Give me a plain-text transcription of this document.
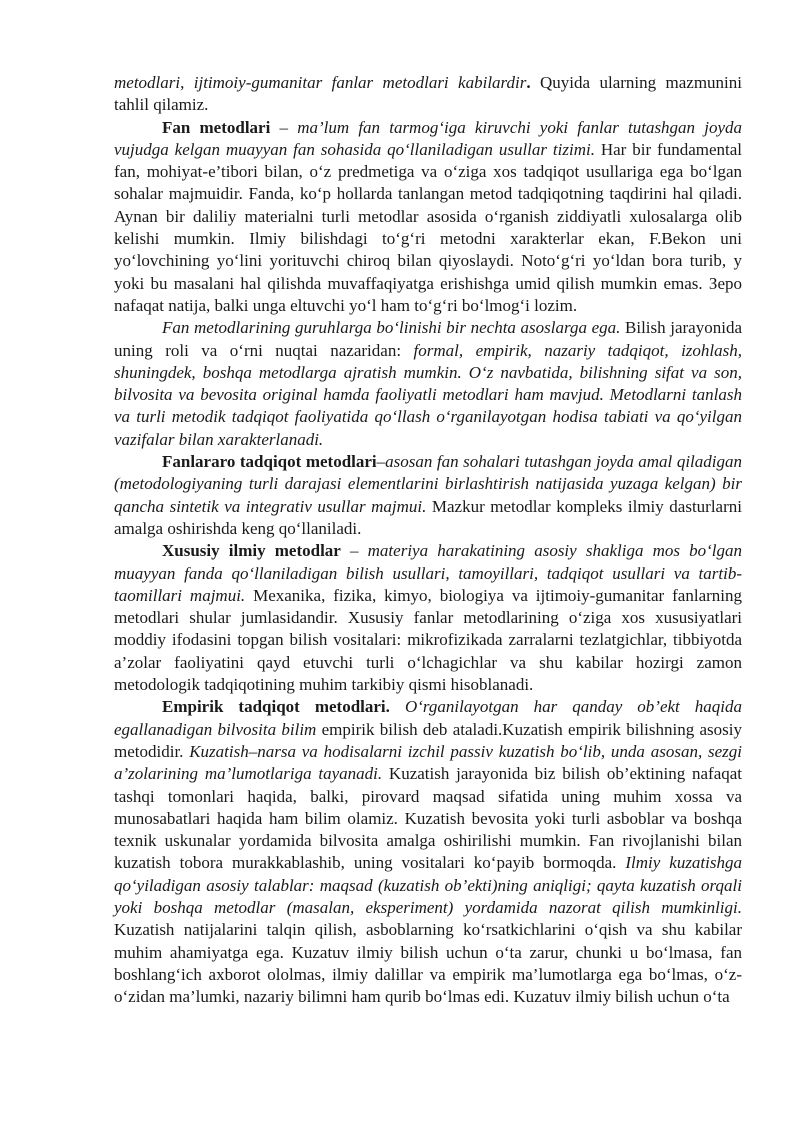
metodlari, ijtimoiy-gumanitar fanlar metodlari kabilardir. Quyida ularning mazmunini tahlil qilamiz.

Fan metodlari – ma’lum fan tarmog‘iga kiruvchi yoki fanlar tutashgan joyda vujudga kelgan muayyan fan sohasida qo‘llaniladigan usullar tizimi. Har bir fundamental fan, mohiyat-e’tibori bilan, o‘z predmetiga va o‘ziga xos tadqiqot usullariga ega bo‘lgan sohalar majmuidir. Fanda, ko‘p hollarda tanlangan metod tadqiqotning taqdirini hal qiladi. Aynan bir daliliy materialni turli metodlar asosida o‘rganish ziddiyatli xulosalarga olib kelishi mumkin. Ilmiy bilishdagi to‘g‘ri metodni xarakterlar ekan, F.Bekon uni yo‘lovchining yo‘lini yorituvchi chiroq bilan qiyoslaydi. Noto‘g‘ri yo‘ldan bora turib, y yoki bu masalani hal qilishda muvaffaqiyatga erishishga umid qilish mumkin emas. Зepo nafaqat natija, balki unga eltuvchi yo‘l ham to‘g‘ri bo‘lmog‘i lozim.

Fan metodlarining guruhlarga bo‘linishi bir nechta asoslarga ega. Bilish jarayonida uning roli va o‘rni nuqtai nazaridan: formal, empirik, nazariy tadqiqot, izohlash, shuningdek, boshqa metodlarga ajratish mumkin. O‘z navbatida, bilishning sifat va son, bilvosita va bevosita original hamda faoliyatli metodlari ham mavjud. Metodlarni tanlash va turli metodik tadqiqot faoliyatida qo‘llash o‘rganilayotgan hodisa tabiati va qo‘yilgan vazifalar bilan xarakterlanadi.

Fanlararo tadqiqot metodlari–asosan fan sohalari tutashgan joyda amal qiladigan (metodologiyaning turli darajasi elementlarini birlashtirish natijasida yuzaga kelgan) bir qancha sintetik va integrativ usullar majmui. Mazkur metodlar kompleks ilmiy dasturlarni amalga oshirishda keng qo‘llaniladi.

Xususiy ilmiy metodlar – materiya harakatining asosiy shakliga mos bo‘lgan muayyan fanda qo‘llaniladigan bilish usullari, tamoyillari, tadqiqot usullari va tartib-taomillari majmui. Mexanika, fizika, kimyo, biologiya va ijtimoiy-gumanitar fanlarning metodlari shular jumlasidandir. Xususiy fanlar metodlarining o‘ziga xos xususiyatlari moddiy ifodasini topgan bilish vositalari: mikrofizikada zarralarni tezlatgichlar, tibbiyotda a’zolar faoliyatini qayd etuvchi turli o‘lchagichlar va shu kabilar hozirgi zamon metodologik tadqiqotining muhim tarkibiy qismi hisoblanadi.

Empirik tadqiqot metodlari. O‘rganilayotgan har qanday ob’ekt haqida egallanadigan bilvosita bilim empirik bilish deb ataladi.Kuzatish empirik bilishning asosiy metodidir. Kuzatish–narsa va hodisalarni izchil passiv kuzatish bo‘lib, unda asosan, sezgi a’zolarining ma’lumotlariga tayanadi. Kuzatish jarayonida biz bilish ob’ektining nafaqat tashqi tomonlari haqida, balki, pirovard maqsad sifatida uning muhim xossa va munosabatlari haqida ham bilim olamiz. Kuzatish bevosita yoki turli asboblar va boshqa texnik uskunalar yordamida bilvosita amalga oshirilishi mumkin. Fan rivojlanishi bilan kuzatish tobora murakkablashib, uning vositalari ko‘payib bormoqda. Ilmiy kuzatishga qo‘yiladigan asosiy talablar: maqsad (kuzatish ob’ekti)ning aniqligi; qayta kuzatish orqali yoki boshqa metodlar (masalan, eksperiment) yordamida nazorat qilish mumkinligi. Kuzatish natijalarini talqin qilish, asboblarning ko‘rsatkichlarini o‘qish va shu kabilar muhim ahamiyatga ega. Kuzatuv ilmiy bilish uchun o‘ta zarur, chunki u bo‘lmasa, fan boshlang‘ich axborot ololmas, ilmiy dalillar va empirik ma’lumotlarga ega bo‘lmas, o‘z-o‘zidan ma’lumki, nazariy bilimni ham qurib bo‘lmas edi. Kuzatuv ilmiy bilish uchun o‘ta
